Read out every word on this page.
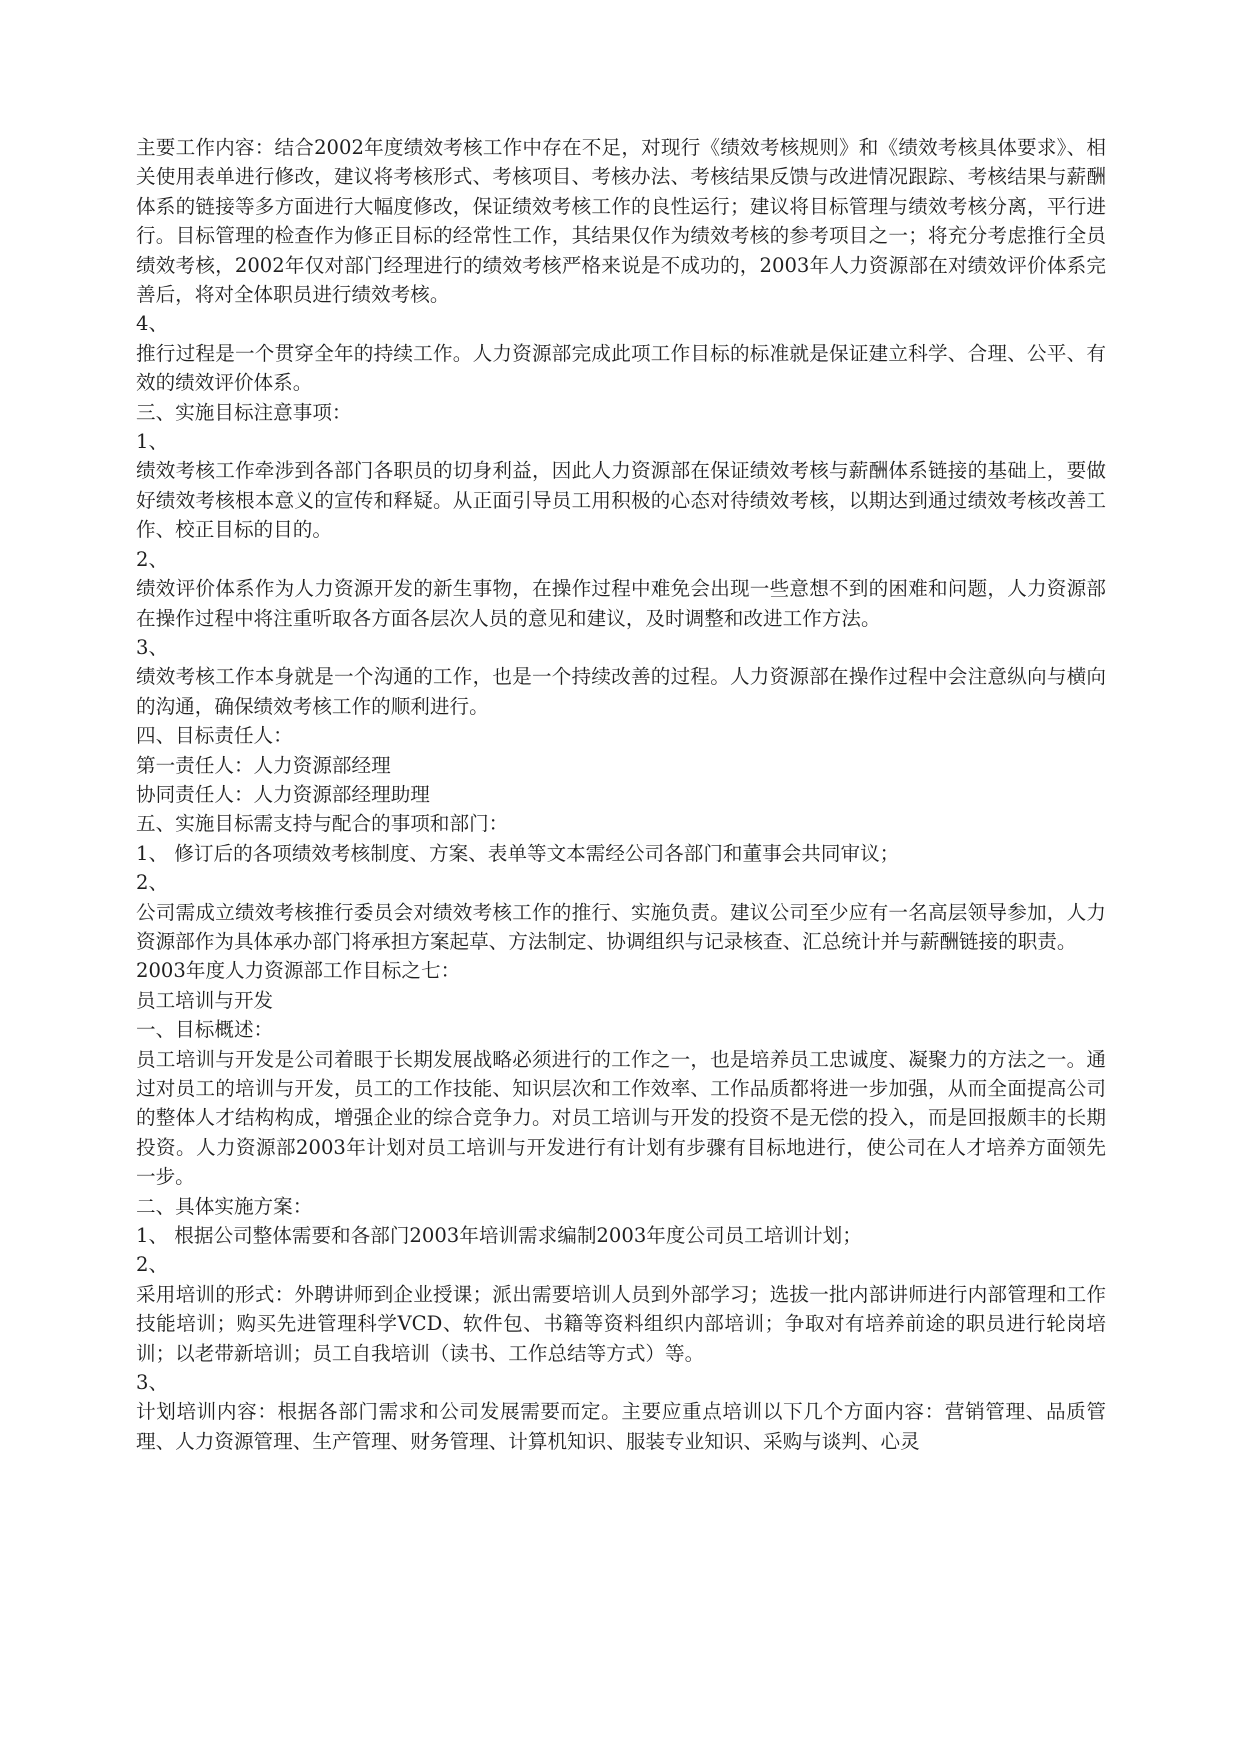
主要工作内容：结合2002年度绩效考核工作中存在不足，对现行《绩效考核规则》和《绩效考核具体要求》、相关使用表单进行修改，建议将考核形式、考核项目、考核办法、考核结果反馈与改进情况跟踪、考核结果与薪酬体系的链接等多方面进行大幅度修改，保证绩效考核工作的良性运行；建议将目标管理与绩效考核分离，平行进行。目标管理的检查作为修正目标的经常性工作，其结果仅作为绩效考核的参考项目之一；将充分考虑推行全员绩效考核，2002年仅对部门经理进行的绩效考核严格来说是不成功的，2003年人力资源部在对绩效评价体系完善后，将对全体职员进行绩效考核。

4、

推行过程是一个贯穿全年的持续工作。人力资源部完成此项工作目标的标准就是保证建立科学、合理、公平、有效的绩效评价体系。

三、实施目标注意事项：

1、

绩效考核工作牵涉到各部门各职员的切身利益，因此人力资源部在保证绩效考核与薪酬体系链接的基础上，要做好绩效考核根本意义的宣传和释疑。从正面引导员工用积极的心态对待绩效考核，以期达到通过绩效考核改善工作、校正目标的目的。

2、

绩效评价体系作为人力资源开发的新生事物，在操作过程中难免会出现一些意想不到的困难和问题，人力资源部在操作过程中将注重听取各方面各层次人员的意见和建议，及时调整和改进工作方法。

3、

绩效考核工作本身就是一个沟通的工作，也是一个持续改善的过程。人力资源部在操作过程中会注意纵向与横向的沟通，确保绩效考核工作的顺利进行。

四、目标责任人：

第一责任人：人力资源部经理

协同责任人：人力资源部经理助理

五、实施目标需支持与配合的事项和部门：

1、 修订后的各项绩效考核制度、方案、表单等文本需经公司各部门和董事会共同审议；

2、

公司需成立绩效考核推行委员会对绩效考核工作的推行、实施负责。建议公司至少应有一名高层领导参加，人力资源部作为具体承办部门将承担方案起草、方法制定、协调组织与记录核查、汇总统计并与薪酬链接的职责。

2003年度人力资源部工作目标之七：

员工培训与开发

一、目标概述：

员工培训与开发是公司着眼于长期发展战略必须进行的工作之一，也是培养员工忠诚度、凝聚力的方法之一。通过对员工的培训与开发，员工的工作技能、知识层次和工作效率、工作品质都将进一步加强，从而全面提高公司的整体人才结构构成，增强企业的综合竞争力。对员工培训与开发的投资不是无偿的投入，而是回报颇丰的长期投资。人力资源部2003年计划对员工培训与开发进行有计划有步骤有目标地进行，使公司在人才培养方面领先一步。

二、具体实施方案：

1、 根据公司整体需要和各部门2003年培训需求编制2003年度公司员工培训计划；

2、

采用培训的形式：外聘讲师到企业授课；派出需要培训人员到外部学习；选拔一批内部讲师进行内部管理和工作技能培训；购买先进管理科学VCD、软件包、书籍等资料组织内部培训；争取对有培养前途的职员进行轮岗培训；以老带新培训；员工自我培训（读书、工作总结等方式）等。

3、

计划培训内容：根据各部门需求和公司发展需要而定。主要应重点培训以下几个方面内容：营销管理、品质管理、人力资源管理、生产管理、财务管理、计算机知识、服装专业知识、采购与谈判、心灵
